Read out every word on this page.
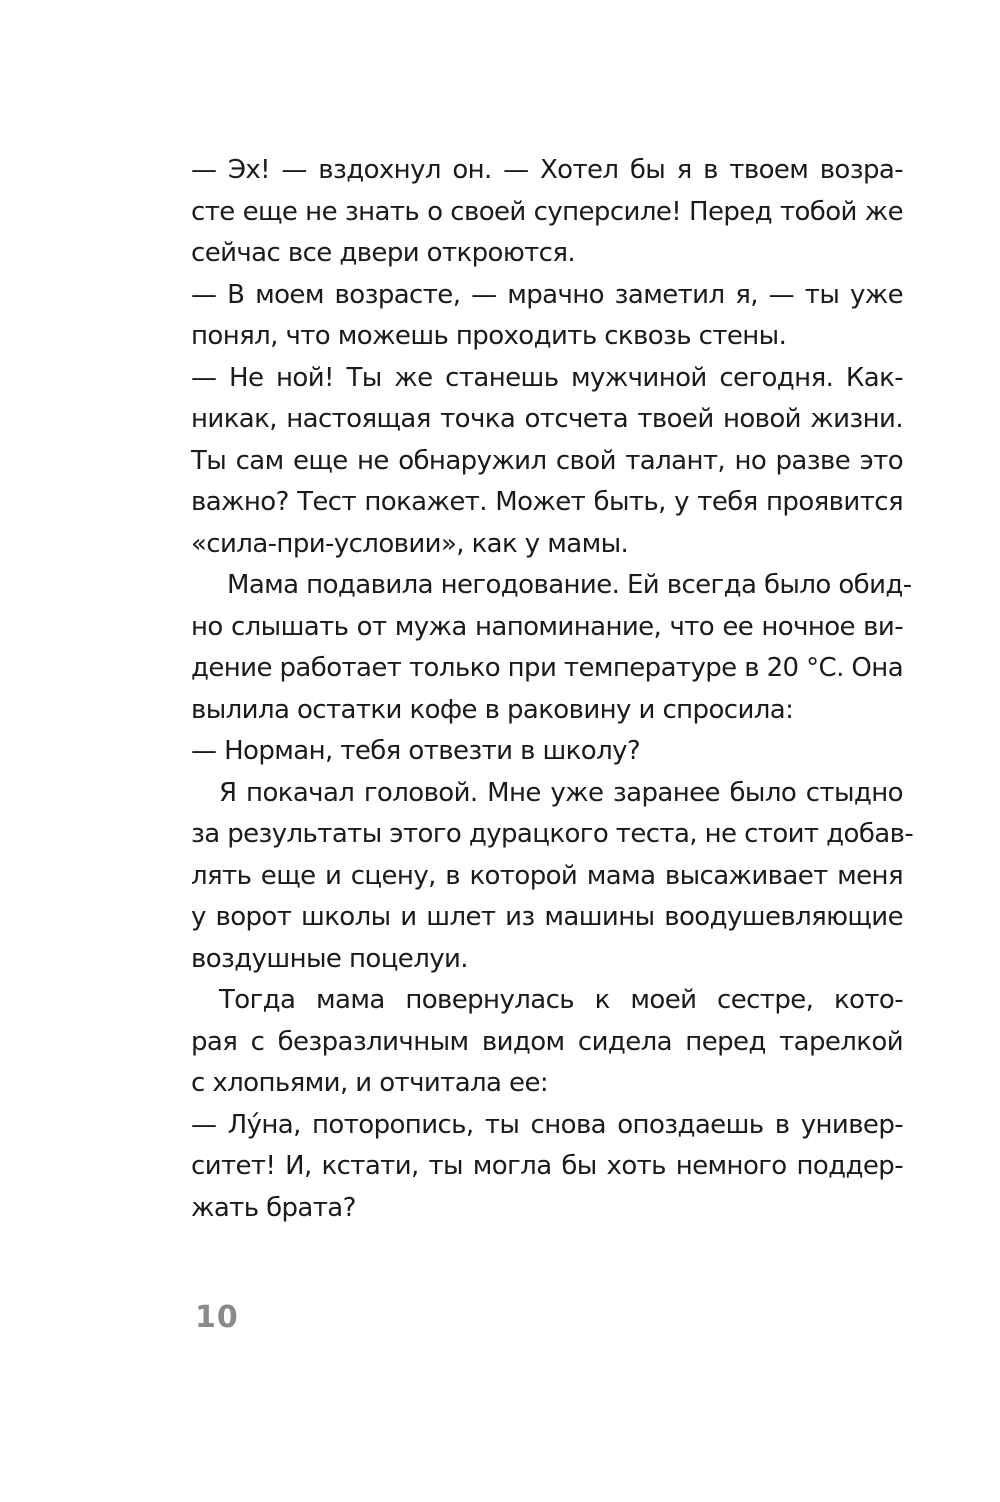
— Эх! — вздохнул он. — Хотел бы я в твоем возра-
сте еще не знать о своей суперсиле! Перед тобой же
сейчас все двери откроются.
— В моем возрасте, — мрачно заметил я, — ты уже
понял, что можешь проходить сквозь стены.
— Не ной! Ты же станешь мужчиной сегодня. Как-
никак, настоящая точка отсчета твоей новой жизни.
Ты сам еще не обнаружил свой талант, но разве это
важно? Тест покажет. Может быть, у тебя проявится
«сила-при-условии», как у мамы.
Мама подавила негодование. Ей всегда было обид-
но слышать от мужа напоминание, что ее ночное ви-
дение работает только при температуре в 20 °С. Она
вылила остатки кофе в раковину и спросила:
— Норман, тебя отвезти в школу?
Я покачал головой. Мне уже заранее было стыдно
за результаты этого дурацкого теста, не стоит добав-
лять еще и сцену, в которой мама высаживает меня
у ворот школы и шлет из машины воодушевляющие
воздушные поцелуи.
Тогда мама повернулась к моей сестре, кото-
рая с безразличным видом сидела перед тарелкой
с хлопьями, и отчитала ее:
— Лу́на, поторопись, ты снова опоздаешь в универ-
ситет! И, кстати, ты могла бы хоть немного поддер-
жать брата?
10
